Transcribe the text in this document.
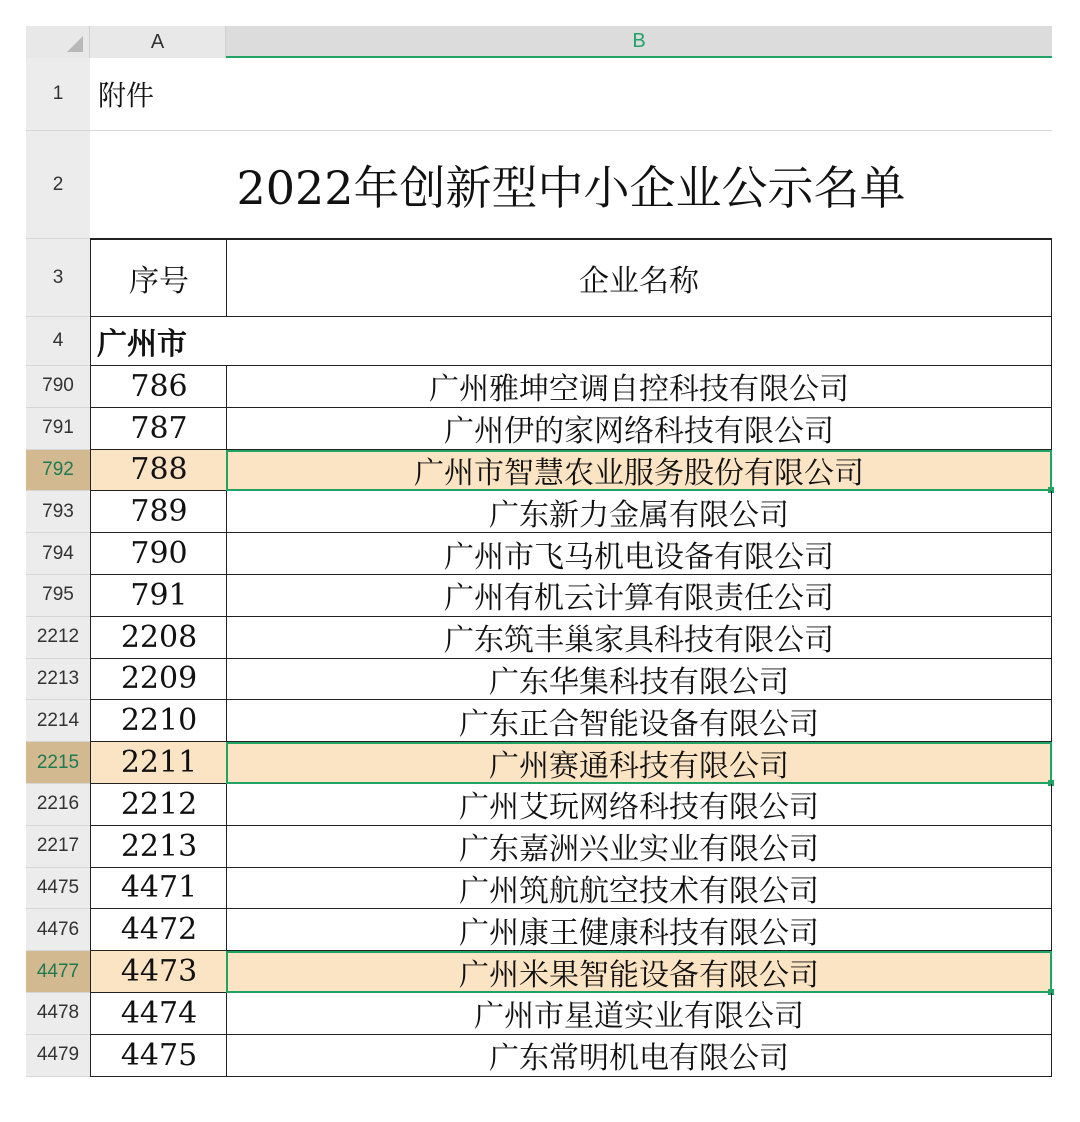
A	B
1	附件
2	2022年创新型中小企业公示名单
3	序号	企业名称
4	广州市
790	786	广州雅坤空调自控科技有限公司
791	787	广州伊的家网络科技有限公司
792	788	广州市智慧农业服务股份有限公司
793	789	广东新力金属有限公司
794	790	广州市飞马机电设备有限公司
795	791	广州有机云计算有限责任公司
2212	2208	广东筑丰巢家具科技有限公司
2213	2209	广东华集科技有限公司
2214	2210	广东正合智能设备有限公司
2215	2211	广州赛通科技有限公司
2216	2212	广州艾玩网络科技有限公司
2217	2213	广东嘉洲兴业实业有限公司
4475	4471	广州筑航航空技术有限公司
4476	4472	广州康王健康科技有限公司
4477	4473	广州米果智能设备有限公司
4478	4474	广州市星道实业有限公司
4479	4475	广东常明机电有限公司
